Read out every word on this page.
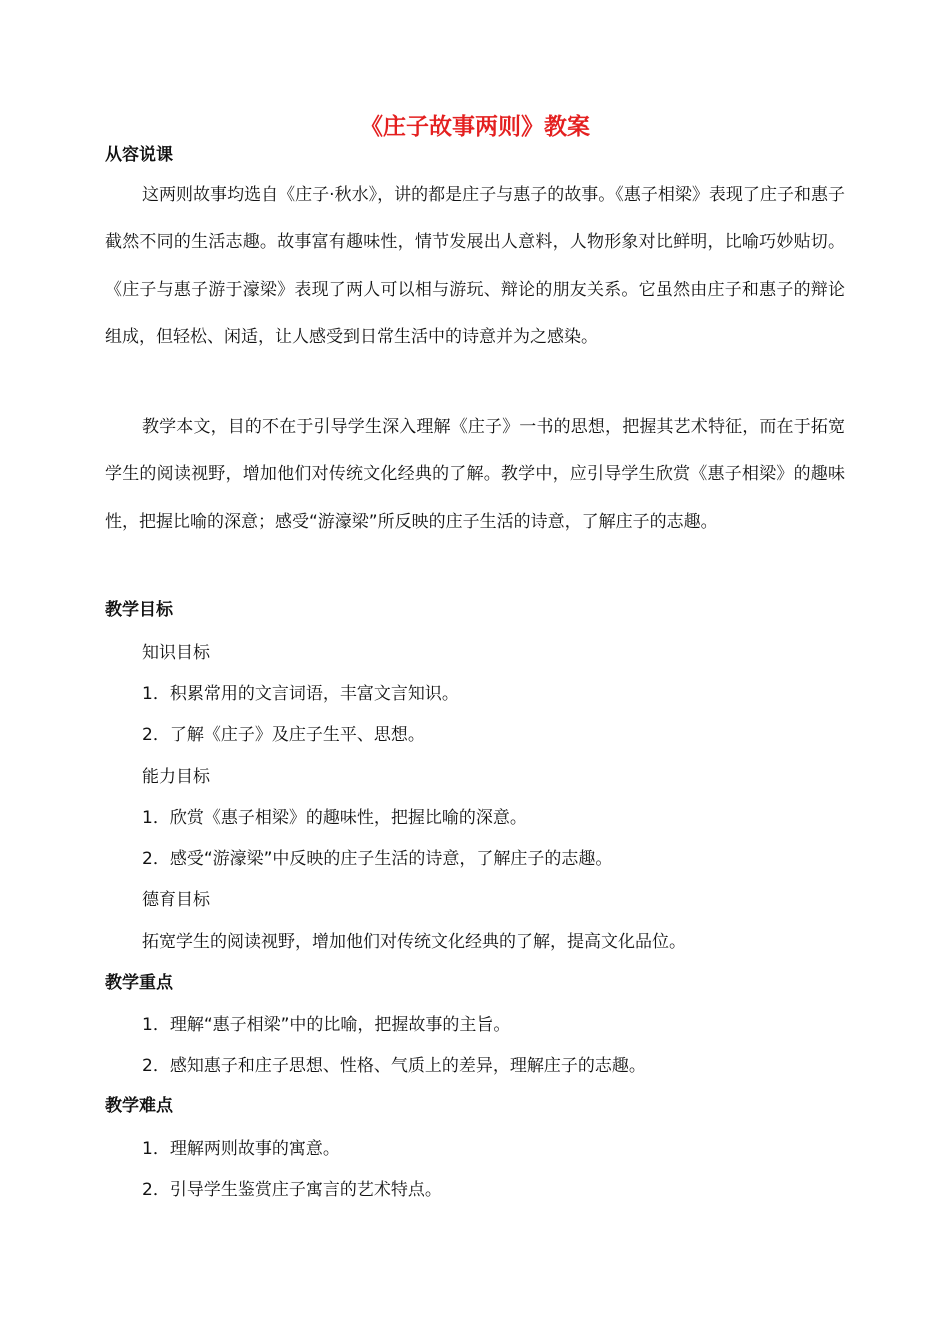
《庄子故事两则》教案
从容说课

这两则故事均选自《庄子·秋水》，讲的都是庄子与惠子的故事。《惠子相梁》表现了庄子和惠子截然不同的生活志趣。故事富有趣味性，情节发展出人意料，人物形象对比鲜明，比喻巧妙贴切。《庄子与惠子游于濠梁》表现了两人可以相与游玩、辩论的朋友关系。它虽然由庄子和惠子的辩论组成，但轻松、闲适，让人感受到日常生活中的诗意并为之感染。

教学本文，目的不在于引导学生深入理解《庄子》一书的思想，把握其艺术特征，而在于拓宽学生的阅读视野，增加他们对传统文化经典的了解。教学中，应引导学生欣赏《惠子相梁》的趣味性，把握比喻的深意；感受“游濠梁”所反映的庄子生活的诗意，了解庄子的志趣。

教学目标
知识目标
1．积累常用的文言词语，丰富文言知识。
2．了解《庄子》及庄子生平、思想。
能力目标
1．欣赏《惠子相梁》的趣味性，把握比喻的深意。
2．感受“游濠梁”中反映的庄子生活的诗意，了解庄子的志趣。
德育目标
拓宽学生的阅读视野，增加他们对传统文化经典的了解，提高文化品位。
教学重点
1．理解“惠子相梁”中的比喻，把握故事的主旨。
2．感知惠子和庄子思想、性格、气质上的差异，理解庄子的志趣。
教学难点
1．理解两则故事的寓意。
2．引导学生鉴赏庄子寓言的艺术特点。
